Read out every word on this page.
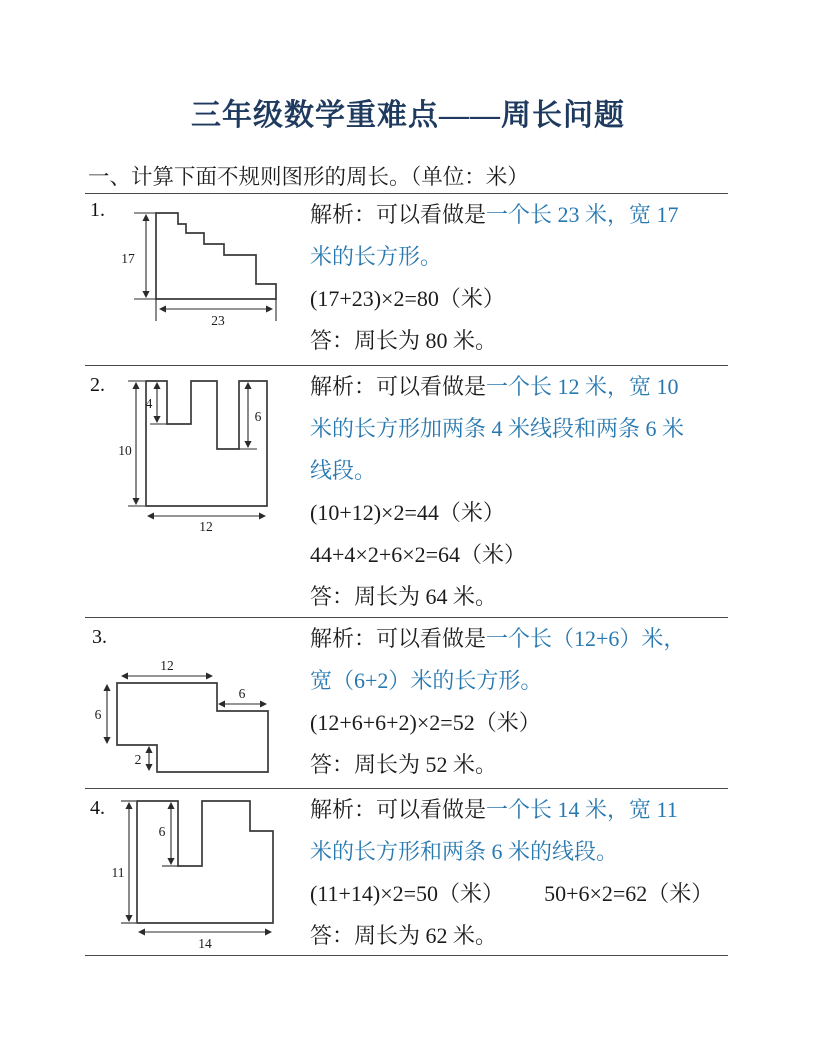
三年级数学重难点——周长问题
一、计算下面不规则图形的周长。（单位：米）
1.
17
23

解析：可以看做是一个长 23 米，宽 17

米的长方形。

(17+23)×2=80（米）

答：周长为 80 米。

2.
10
4
6
12

解析：可以看做是一个长 12 米，宽 10

米的长方形加两条 4 米线段和两条 6 米

线段。

(10+12)×2=44（米）

44+4×2+6×2=64（米）

答：周长为 64 米。

3.
12
6
6
2

解析：可以看做是一个长（12+6）米，

宽（6+2）米的长方形。

(12+6+6+2)×2=52（米）

答：周长为 52 米。

4.
11
6
14

解析：可以看做是一个长 14 米，宽 11

米的长方形和两条 6 米的线段。

(11+14)×2=50（米） 50+6×2=62（米）

答：周长为 62 米。
